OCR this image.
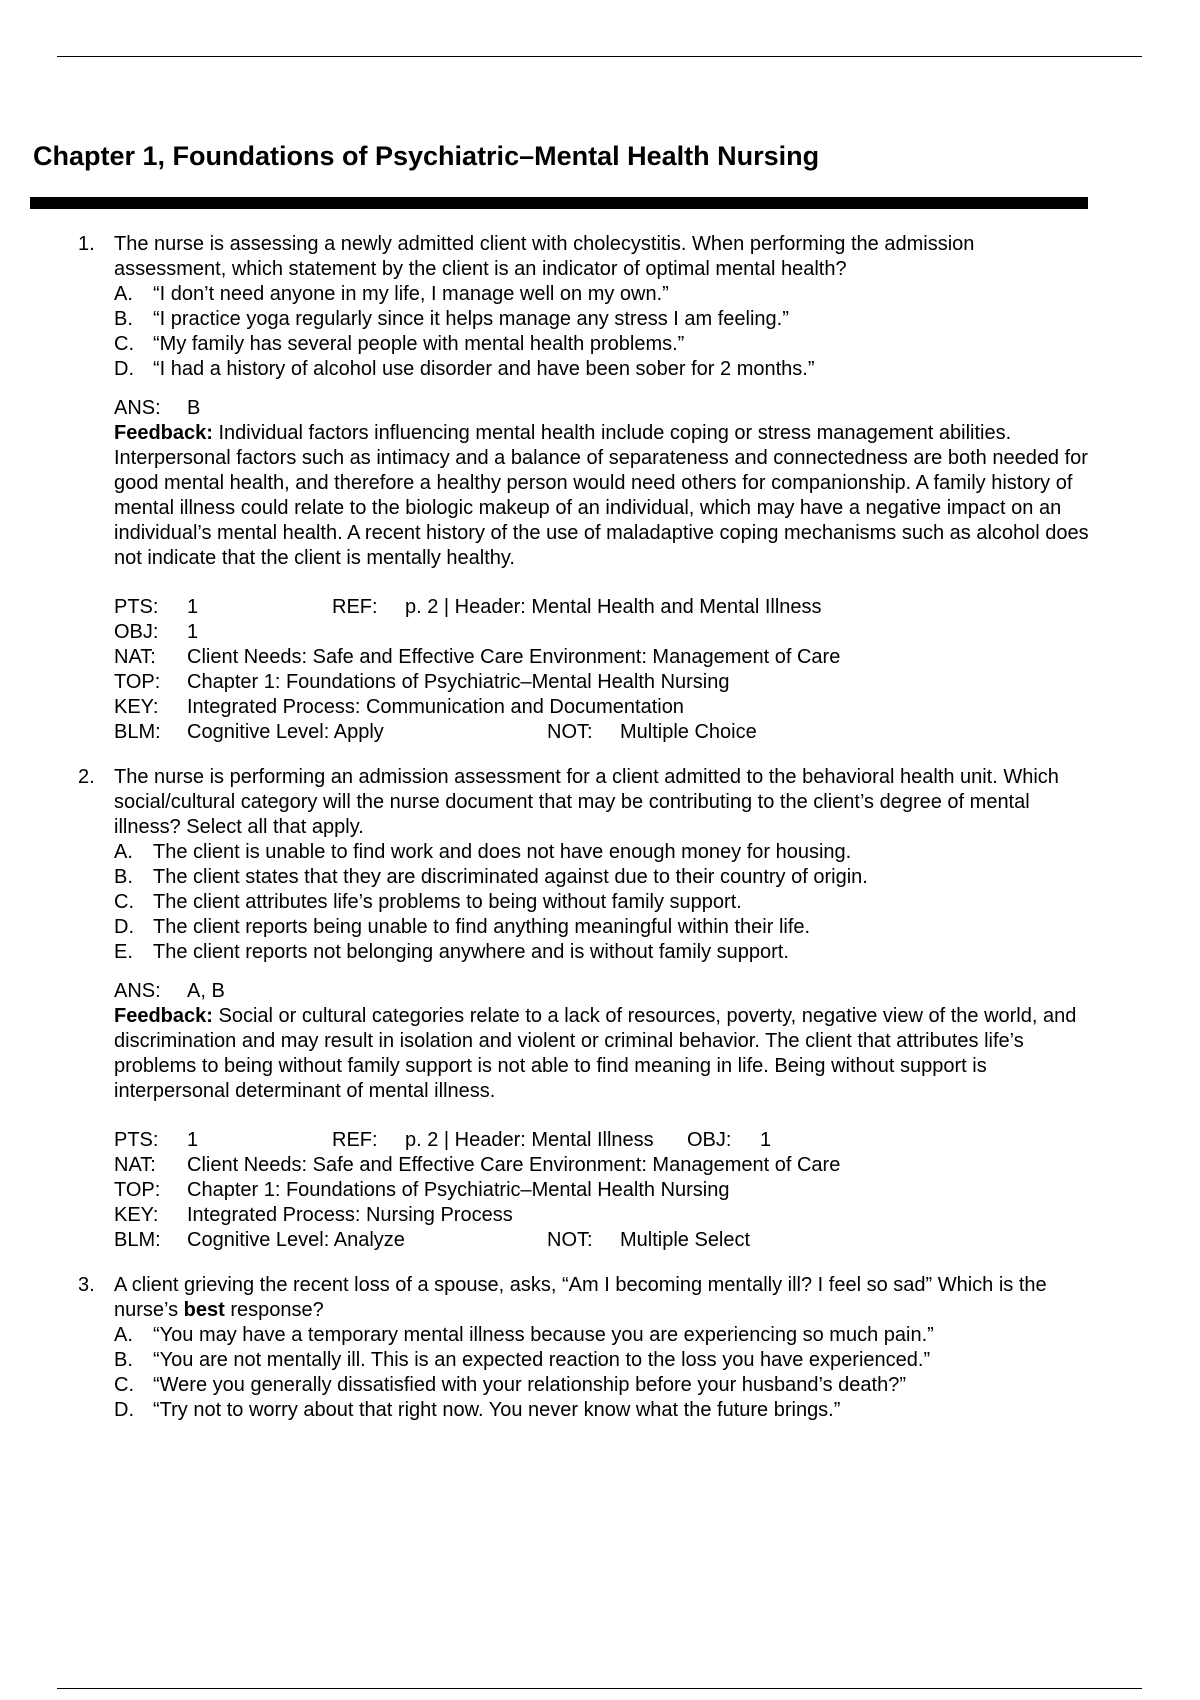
Chapter 1, Foundations of Psychiatric–Mental Health Nursing
1. The nurse is assessing a newly admitted client with cholecystitis. When performing the admission assessment, which statement by the client is an indicator of optimal mental health?

A.	“I don’t need anyone in my life, I manage well on my own.”
B.	“I practice yoga regularly since it helps manage any stress I am feeling.”
C. “My family has several people with mental health problems.”
D. “I had a history of alcohol use disorder and have been sober for 2 months.”
ANS: B

Feedback: Individual factors influencing mental health include coping or stress management abilities. Interpersonal factors such as intimacy and a balance of separateness and connectedness are both needed for good mental health, and therefore a healthy person would need others for companionship. A family history of mental illness could relate to the biologic makeup of an individual, which may have a negative impact on an individual’s mental health. A recent history of the use of maladaptive coping mechanisms such as alcohol does not indicate that the client is mentally healthy.

PTS:	1	REF:	p. 2 | Header: Mental Health and Mental Illness
OBJ:	1
NAT:	Client Needs: Safe and Effective Care Environment: Management of Care
TOP:	Chapter 1: Foundations of Psychiatric–Mental Health Nursing
KEY:	Integrated Process: Communication and Documentation
BLM:	Cognitive Level: Apply	NOT:	Multiple Choice
2. The nurse is performing an admission assessment for a client admitted to the behavioral health unit. Which social/cultural category will the nurse document that may be contributing to the client’s degree of mental illness? Select all that apply.

A.	The client is unable to find work and does not have enough money for housing.
B.	The client states that they are discriminated against due to their country of origin.
C. The client attributes life’s problems to being without family support.
D. The client reports being unable to find anything meaningful within their life.
E.	The client reports not belonging anywhere and is without family support.
ANS: A, B

Feedback: Social or cultural categories relate to a lack of resources, poverty, negative view of the world, and discrimination and may result in isolation and violent or criminal behavior. The client that attributes life’s problems to being without family support is not able to find meaning in life. Being without support is interpersonal determinant of mental illness.

PTS:	1	REF:	p. 2 | Header: Mental Illness	OBJ:	1
NAT:	Client Needs: Safe and Effective Care Environment: Management of Care
TOP:	Chapter 1: Foundations of Psychiatric–Mental Health Nursing
KEY:	Integrated Process: Nursing Process
BLM:	Cognitive Level: Analyze	NOT:	Multiple Select
3. A client grieving the recent loss of a spouse, asks, “Am I becoming mentally ill? I feel so sad” Which is the nurse’s best response?

A.	“You may have a temporary mental illness because you are experiencing so much pain.”
B.	“You are not mentally ill. This is an expected reaction to the loss you have experienced.”
C. “Were you generally dissatisfied with your relationship before your husband’s death?”
D. “Try not to worry about that right now. You never know what the future brings.”
